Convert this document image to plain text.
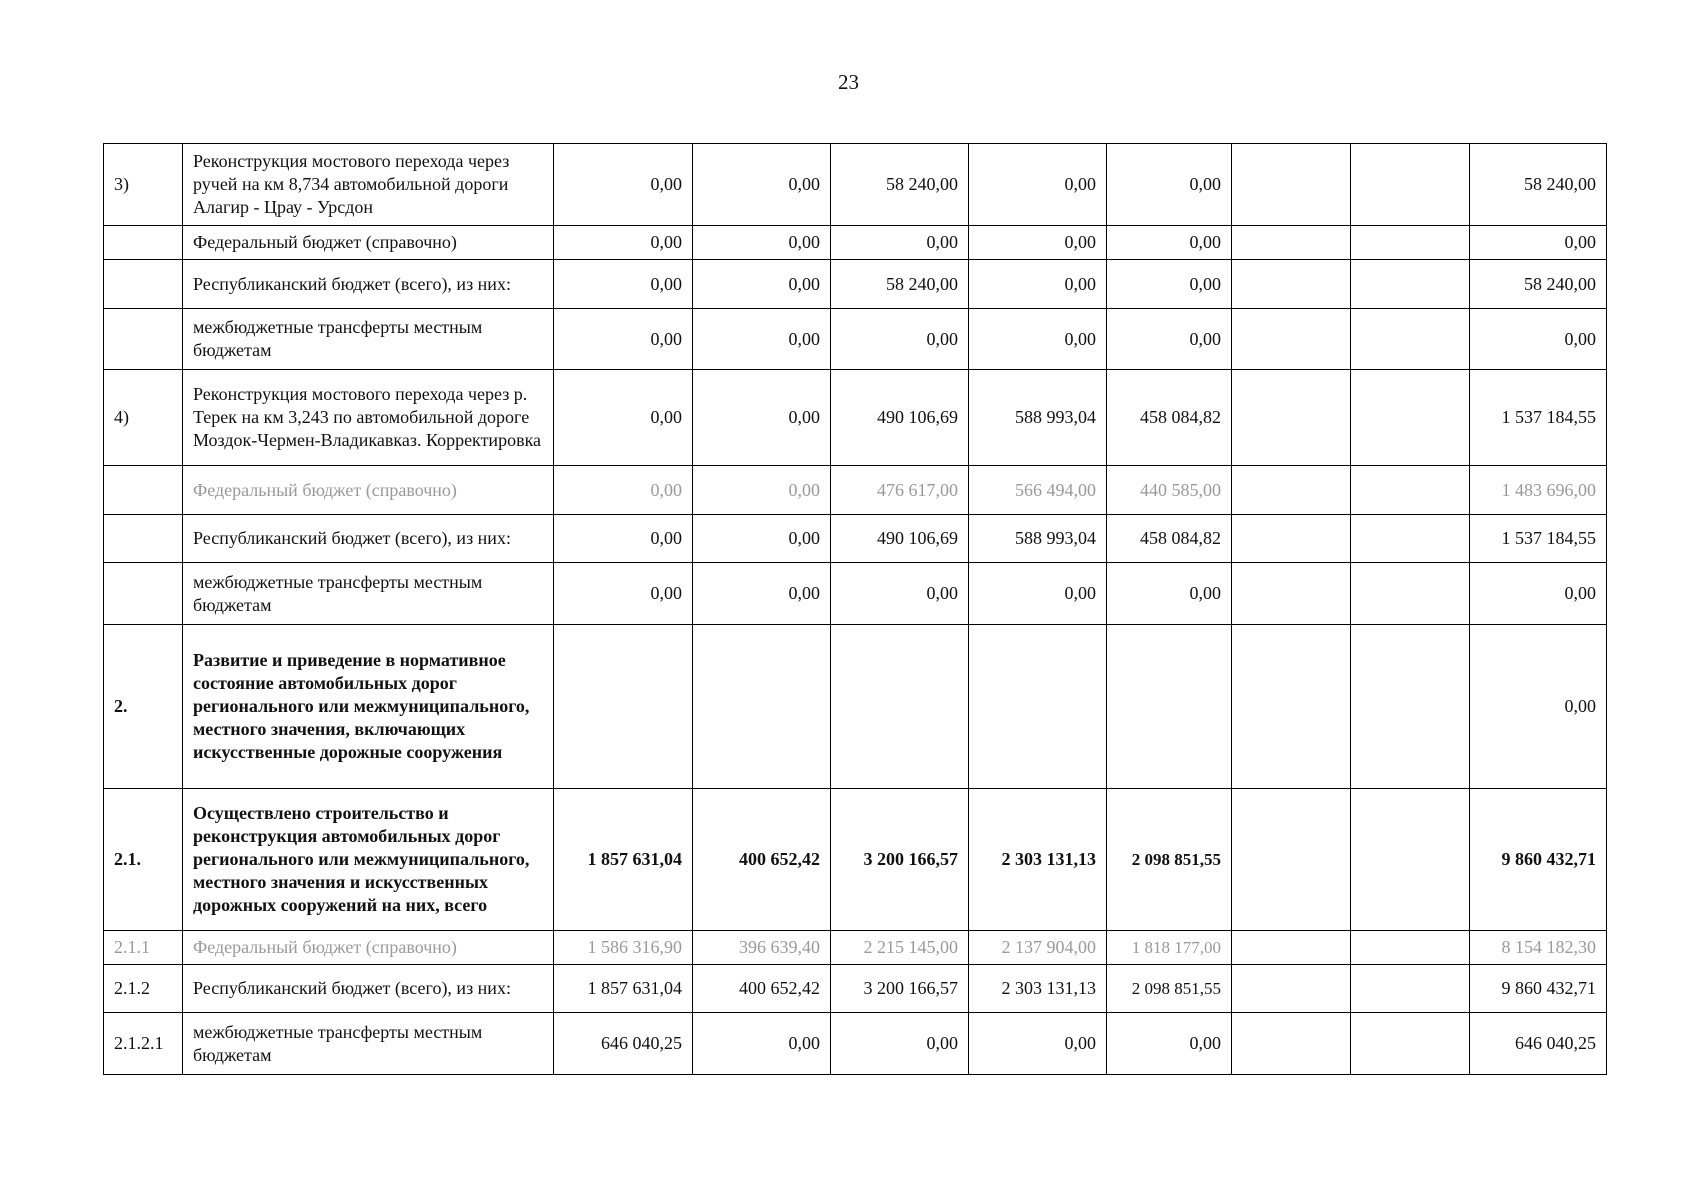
23
3)	Реконструкция мостового перехода через ручей на км 8,734 автомобильной дороги Алагир - Црау - Урсдон	0,00	0,00	58 240,00	0,00	0,00			58 240,00
	Федеральный бюджет (справочно)	0,00	0,00	0,00	0,00	0,00			0,00
	Республиканский бюджет (всего), из них:	0,00	0,00	58 240,00	0,00	0,00			58 240,00
	межбюджетные трансферты местным бюджетам	0,00	0,00	0,00	0,00	0,00			0,00
4)	Реконструкция мостового перехода через р. Терек на км 3,243 по автомобильной дороге Моздок-Чермен-Владикавказ. Корректировка	0,00	0,00	490 106,69	588 993,04	458 084,82			1 537 184,55
	Федеральный бюджет (справочно)	0,00	0,00	476 617,00	566 494,00	440 585,00			1 483 696,00
	Республиканский бюджет (всего), из них:	0,00	0,00	490 106,69	588 993,04	458 084,82			1 537 184,55
	межбюджетные трансферты местным бюджетам	0,00	0,00	0,00	0,00	0,00			0,00
2.	Развитие и приведение в нормативное состояние автомобильных дорог регионального или межмуниципального, местного значения, включающих искусственные дорожные сооружения								0,00
2.1.	Осуществлено строительство и реконструкция автомобильных дорог регионального или межмуниципального, местного значения и искусственных дорожных сооружений на них, всего	1 857 631,04	400 652,42	3 200 166,57	2 303 131,13	2 098 851,55			9 860 432,71
2.1.1	Федеральный бюджет (справочно)	1 586 316,90	396 639,40	2 215 145,00	2 137 904,00	1 818 177,00			8 154 182,30
2.1.2	Республиканский бюджет (всего), из них:	1 857 631,04	400 652,42	3 200 166,57	2 303 131,13	2 098 851,55			9 860 432,71
2.1.2.1	межбюджетные трансферты местным бюджетам	646 040,25	0,00	0,00	0,00	0,00			646 040,25
